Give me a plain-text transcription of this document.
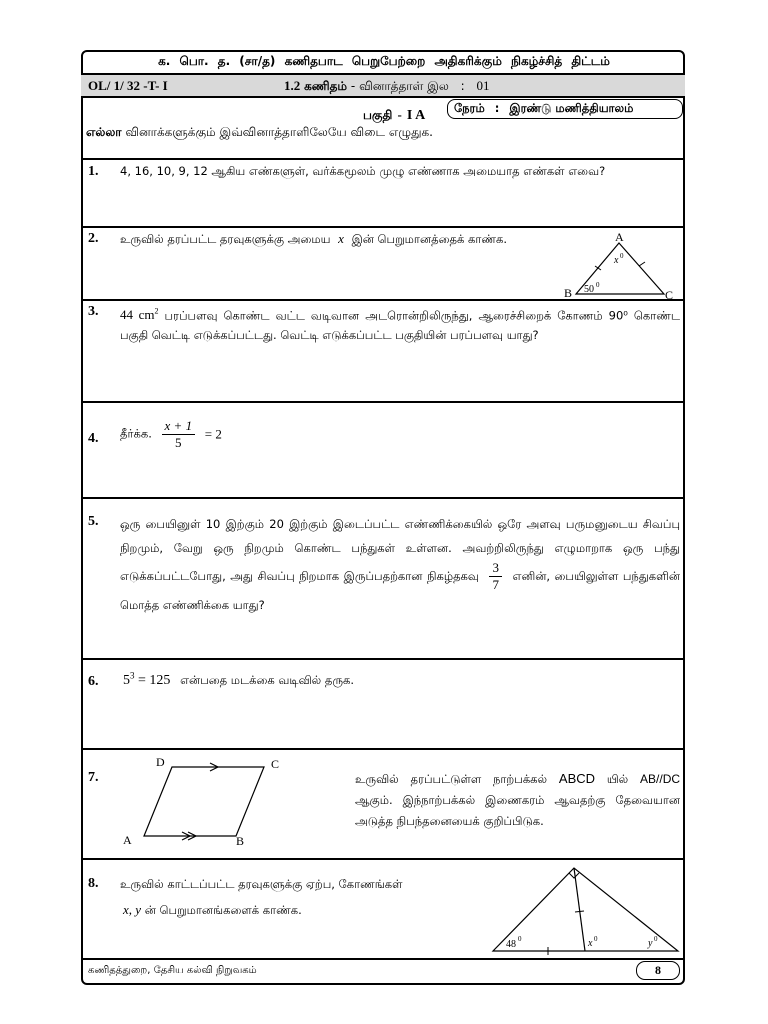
க. பொ. த. (சா/த) கணிதபாட பெறுபேற்றை அதிகரிக்கும் நிகழ்ச்சித் திட்டம்
OL/ 1/ 32 -T- I	1.2 கணிதம் - வினாத்தாள் இல : 01
பகுதி - I A	நேரம் : இரண்டு மணித்தியாலம்
எல்லா வினாக்களுக்கும் இவ்வினாத்தாளிலேயே விடை எழுதுக.
1. 4, 16, 10, 9, 12 ஆகிய எண்களுள், வர்க்கமூலம் முழு எண்ணாக அமையாத எண்கள் எவை?
2. உருவில் தரப்பட்ட தரவுகளுக்கு அமைய x இன் பெறுமானத்தைக் காண்க.	A
B	C
x 0
50 0
3. 44 $cm^2$ பரப்பளவு கொண்ட வட்ட வடிவான அடரொன்றிலிருந்து, ஆரைச்சிறைக் கோணம் 90⁰ கொண்ட பகுதி வெட்டி எடுக்கப்பட்டது. வெட்டி எடுக்கப்பட்ட பகுதியின் பரப்பளவு யாது?
4. தீர்க்க. $\frac{x + 1}{5} = 2$
5. ஒரு பையினுள் 10 இற்கும் 20 இற்கும் இடைப்பட்ட எண்ணிக்கையில் ஒரே அளவு பருமனுடைய சிவப்பு நிறமும், வேறு ஒரு நிறமும் கொண்ட பந்துகள் உள்ளன. அவற்றிலிருந்து எழுமாறாக ஒரு பந்து எடுக்கப்பட்டபோது, அது சிவப்பு நிறமாக இருப்பதற்கான நிகழ்தகவு $\frac{3}{7}$ எனின், பையிலுள்ள பந்துகளின் மொத்த எண்ணிக்கை யாது?
6. $5^3 = 125$ என்பதை மடக்கை வடிவில் தருக.
7.
D	C
A	B
உருவில் தரப்பட்டுள்ள நாற்பக்கல் ABCD யில் AB//DC ஆகும். இந்நாற்பக்கல் இணைகரம் ஆவதற்கு தேவையான அடுத்த நிபந்தனையைக் குறிப்பிடுக.
8. உருவில் காட்டப்பட்ட தரவுகளுக்கு ஏற்ப, கோணங்கள்
x, y ன் பெறுமானங்களைக் காண்க.
48 0	x 0	y 0
கணிதத்துறை, தேசிய கல்வி நிறுவகம்	8
